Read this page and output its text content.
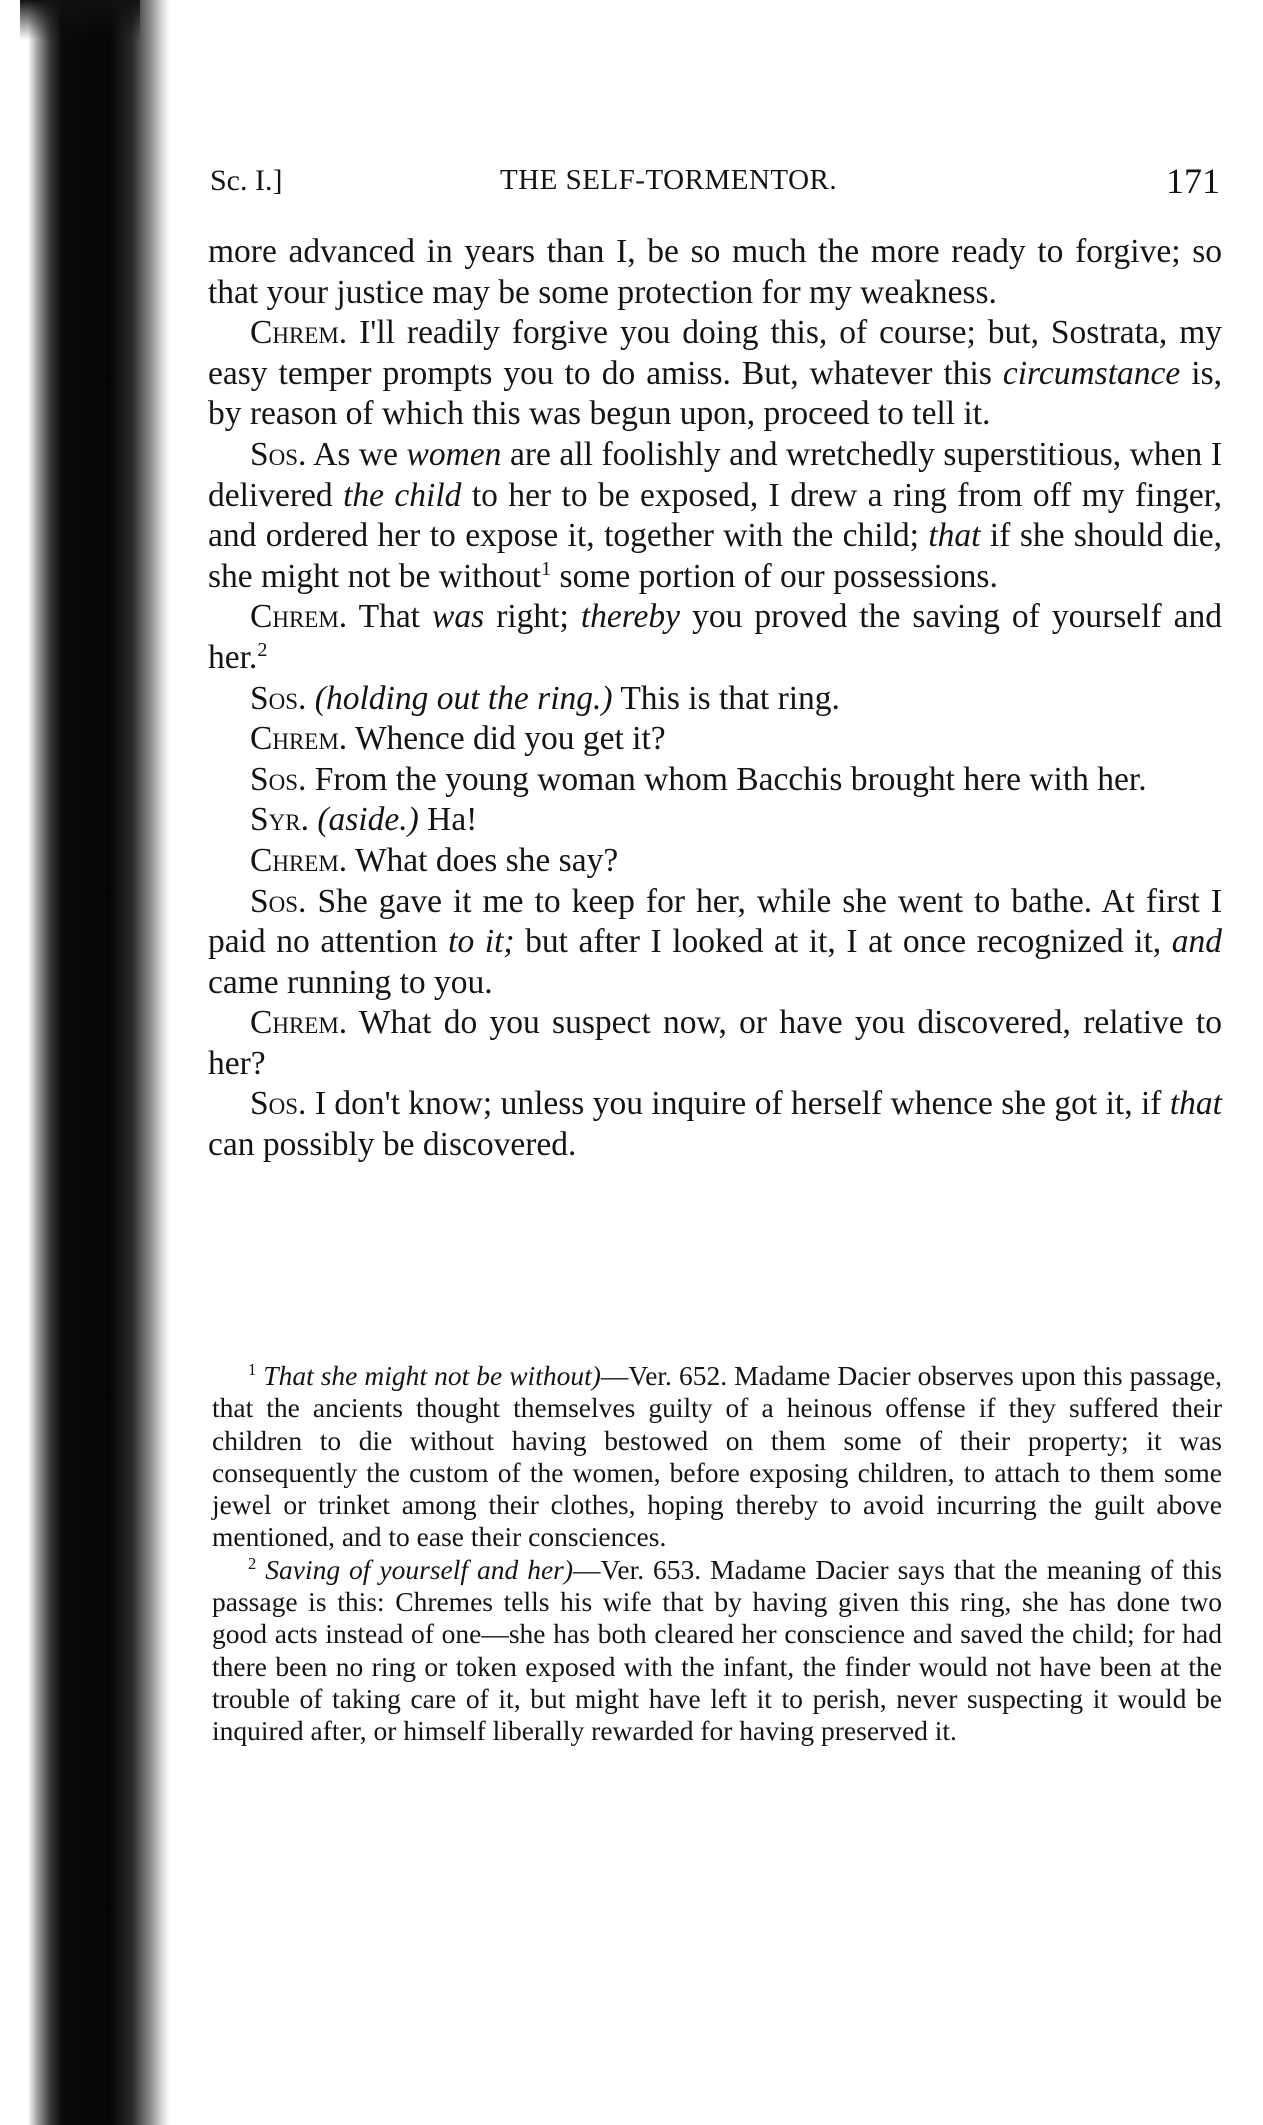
Sc. I.]	THE SELF-TORMENTOR.	171

more advanced in years than I, be so much the more ready to forgive; so that your justice may be some protection for my weakness.

Chrem. I'll readily forgive you doing this, of course; but, Sostrata, my easy temper prompts you to do amiss. But, whatever this circumstance is, by reason of which this was begun upon, proceed to tell it.

Sos. As we women are all foolishly and wretchedly superstitious, when I delivered the child to her to be exposed, I drew a ring from off my finger, and ordered her to expose it, together with the child; that if she should die, she might not be without$^1$ some portion of our possessions.

Chrem. That was right; thereby you proved the saving of yourself and her.$^2$

Sos. (holding out the ring.) This is that ring.

Chrem. Whence did you get it?

Sos. From the young woman whom Bacchis brought here with her.

Syr. (aside.) Ha!

Chrem. What does she say?

Sos. She gave it me to keep for her, while she went to bathe. At first I paid no attention to it; but after I looked at it, I at once recognized it, and came running to you.

Chrem. What do you suspect now, or have you discovered, relative to her?

Sos. I don't know; unless you inquire of herself whence she got it, if that can possibly be discovered.

$^1$ That she might not be without)—Ver. 652. Madame Dacier observes upon this passage, that the ancients thought themselves guilty of a heinous offense if they suffered their children to die without having bestowed on them some of their property; it was consequently the custom of the women, before exposing children, to attach to them some jewel or trinket among their clothes, hoping thereby to avoid incurring the guilt above mentioned, and to ease their consciences.

$^2$ Saving of yourself and her)—Ver. 653. Madame Dacier says that the meaning of this passage is this: Chremes tells his wife that by having given this ring, she has done two good acts instead of one—she has both cleared her conscience and saved the child; for had there been no ring or token exposed with the infant, the finder would not have been at the trouble of taking care of it, but might have left it to perish, never suspecting it would be inquired after, or himself liberally rewarded for having preserved it.
